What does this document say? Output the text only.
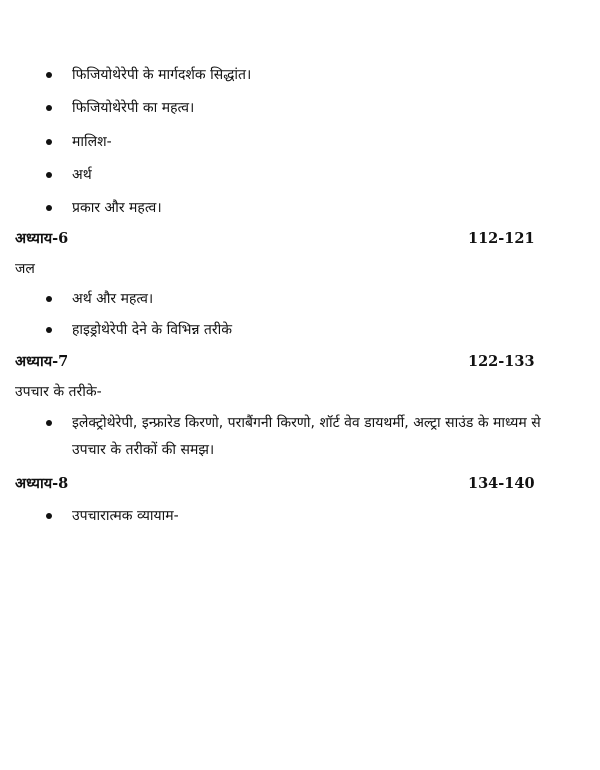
फिजियोथेरेपी के मार्गदर्शक सिद्धांत।
फिजियोथेरेपी का महत्व।
मालिश-
अर्थ
प्रकार और महत्व।
अध्याय-6	112-121
जल
अर्थ और महत्व।
हाइड्रोथेरेपी देने के विभिन्न तरीके
अध्याय-7	122-133
उपचार के तरीके-
इलेक्ट्रोथेरेपी, इन्फ्रारेड किरणो, पराबैंगनी किरणो, शॉर्ट वेव डायथर्मी, अल्ट्रा साउंड के माध्यम से उपचार के तरीकों की समझ।
अध्याय-8	134-140
उपचारात्मक व्यायाम-
